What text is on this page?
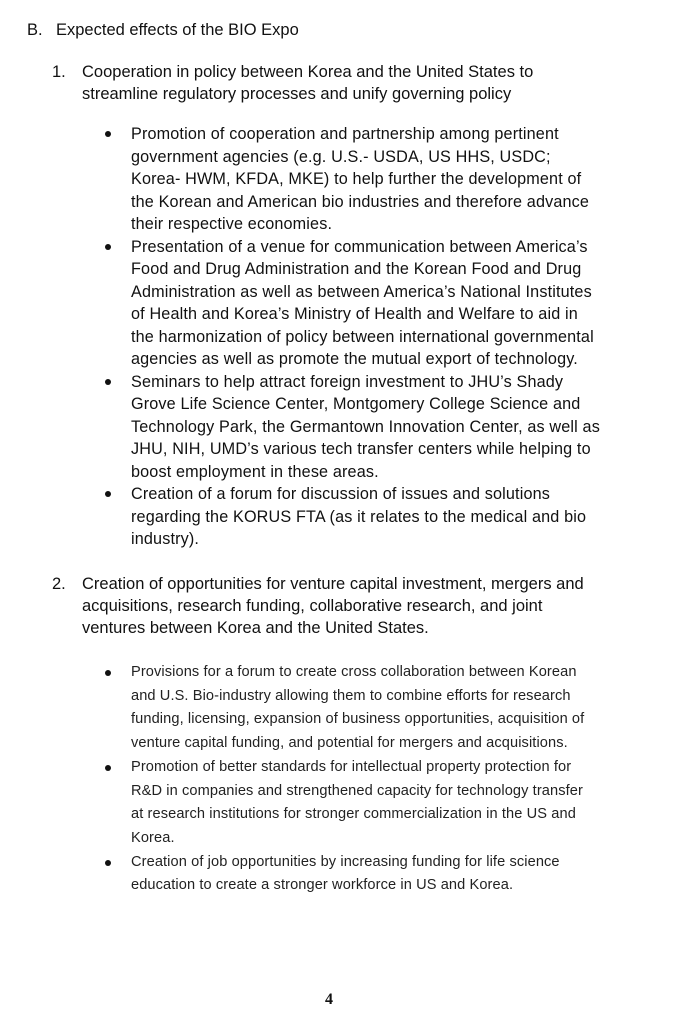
B. Expected effects of the BIO Expo
1. Cooperation in policy between Korea and the United States to
streamline regulatory processes and unify governing policy
Promotion of cooperation and partnership among pertinent
government agencies (e.g. U.S.- USDA, US HHS, USDC;
Korea- HWM, KFDA, MKE) to help further the development of
the Korean and American bio industries and therefore advance
their respective economies.
Presentation of a venue for communication between America’s
Food and Drug Administration and the Korean Food and Drug
Administration as well as between America’s National Institutes
of Health and Korea’s Ministry of Health and Welfare to aid in
the harmonization of policy between international governmental
agencies as well as promote the mutual export of technology.
Seminars to help attract foreign investment to JHU’s Shady
Grove Life Science Center, Montgomery College Science and
Technology Park, the Germantown Innovation Center, as well as
JHU, NIH, UMD’s various tech transfer centers while helping to
boost employment in these areas.
Creation of a forum for discussion of issues and solutions
regarding the KORUS FTA (as it relates to the medical and bio
industry).
2. Creation of opportunities for venture capital investment, mergers and
acquisitions, research funding, collaborative research, and joint
ventures between Korea and the United States.
Provisions for a forum to create cross collaboration between Korean
and U.S. Bio-industry allowing them to combine efforts for research
funding, licensing, expansion of business opportunities, acquisition of
venture capital funding, and potential for mergers and acquisitions.
Promotion of better standards for intellectual property protection for
R&D in companies and strengthened capacity for technology transfer
at research institutions for stronger commercialization in the US and
Korea.
Creation of job opportunities by increasing funding for life science
education to create a stronger workforce in US and Korea.
4
